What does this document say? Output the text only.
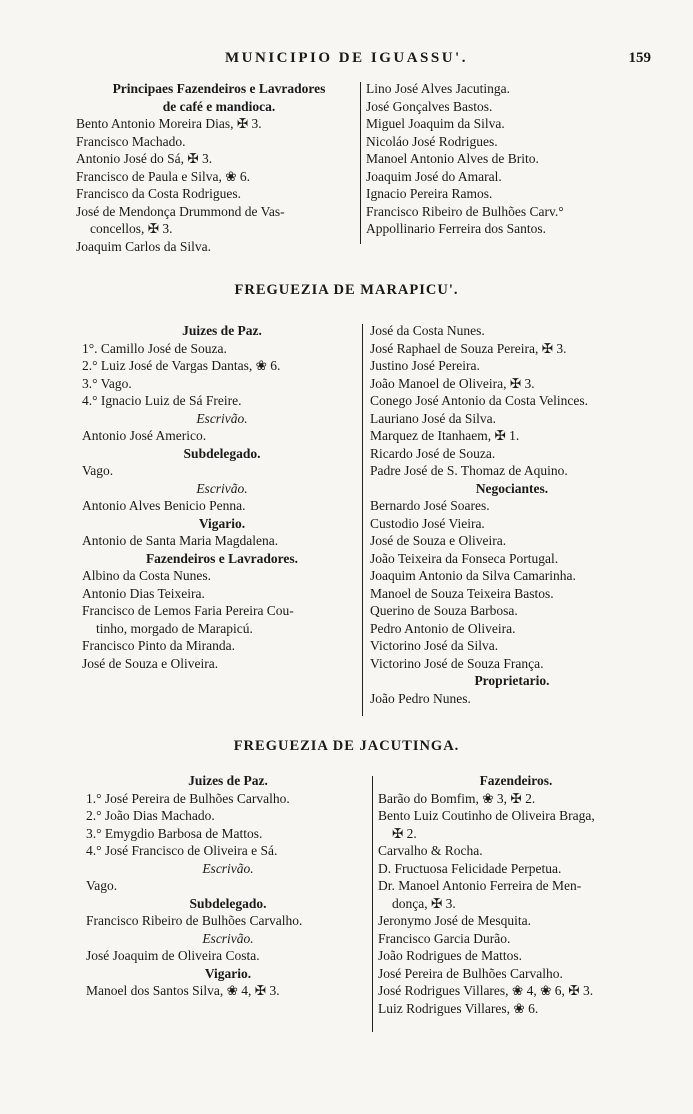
MUNICIPIO DE IGUASSU'.	159
Principaes Fazendeiros e Lavradores
de café e mandioca.
Bento Antonio Moreira Dias, ✠ 3.
Francisco Machado.
Antonio José do Sá, ✠ 3.
Francisco de Paula e Silva, ❀ 6.
Francisco da Costa Rodrigues.
José de Mendonça Drummond de Vas-
concellos, ✠ 3.
Joaquim Carlos da Silva.
Lino José Alves Jacutinga.
José Gonçalves Bastos.
Miguel Joaquim da Silva.
Nicoláo José Rodrigues.
Manoel Antonio Alves de Brito.
Joaquim José do Amaral.
Ignacio Pereira Ramos.
Francisco Ribeiro de Bulhões Carv.°
Appollinario Ferreira dos Santos.
FREGUEZIA DE MARAPICU'.
Juizes de Paz.
1°. Camillo José de Souza.
2.° Luiz José de Vargas Dantas, ❀ 6.
3.° Vago.
4.° Ignacio Luiz de Sá Freire.
Escrivão.
Antonio José Americo.
Subdelegado.
Vago.
Escrivão.
Antonio Alves Benicio Penna.
Vigario.
Antonio de Santa Maria Magdalena.
Fazendeiros e Lavradores.
Albino da Costa Nunes.
Antonio Dias Teixeira.
Francisco de Lemos Faria Pereira Cou-
tinho, morgado de Marapicú.
Francisco Pinto da Miranda.
José de Souza e Oliveira.
José da Costa Nunes.
José Raphael de Souza Pereira, ✠ 3.
Justino José Pereira.
João Manoel de Oliveira, ✠ 3.
Conego José Antonio da Costa Velinces.
Lauriano José da Silva.
Marquez de Itanhaem, ✠ 1.
Ricardo José de Souza.
Padre José de S. Thomaz de Aquino.
Negociantes.
Bernardo José Soares.
Custodio José Vieira.
José de Souza e Oliveira.
João Teixeira da Fonseca Portugal.
Joaquim Antonio da Silva Camarinha.
Manoel de Souza Teixeira Bastos.
Querino de Souza Barbosa.
Pedro Antonio de Oliveira.
Victorino José da Silva.
Victorino José de Souza França.
Proprietario.
João Pedro Nunes.
FREGUEZIA DE JACUTINGA.
Juizes de Paz.
1.° José Pereira de Bulhões Carvalho.
2.° João Dias Machado.
3.° Emygdio Barbosa de Mattos.
4.° José Francisco de Oliveira e Sá.
Escrivão.
Vago.
Subdelegado.
Francisco Ribeiro de Bulhões Carvalho.
Escrivão.
José Joaquim de Oliveira Costa.
Vigario.
Manoel dos Santos Silva, ❀ 4, ✠ 3.
Fazendeiros.
Barão do Bomfim, ❀ 3, ✠ 2.
Bento Luiz Coutinho de Oliveira Braga,
✠ 2.
Carvalho & Rocha.
D. Fructuosa Felicidade Perpetua.
Dr. Manoel Antonio Ferreira de Men-
donça, ✠ 3.
Jeronymo José de Mesquita.
Francisco Garcia Durão.
João Rodrigues de Mattos.
José Pereira de Bulhões Carvalho.
José Rodrigues Villares, ❀ 4, ❀ 6, ✠ 3.
Luiz Rodrigues Villares, ❀ 6.
